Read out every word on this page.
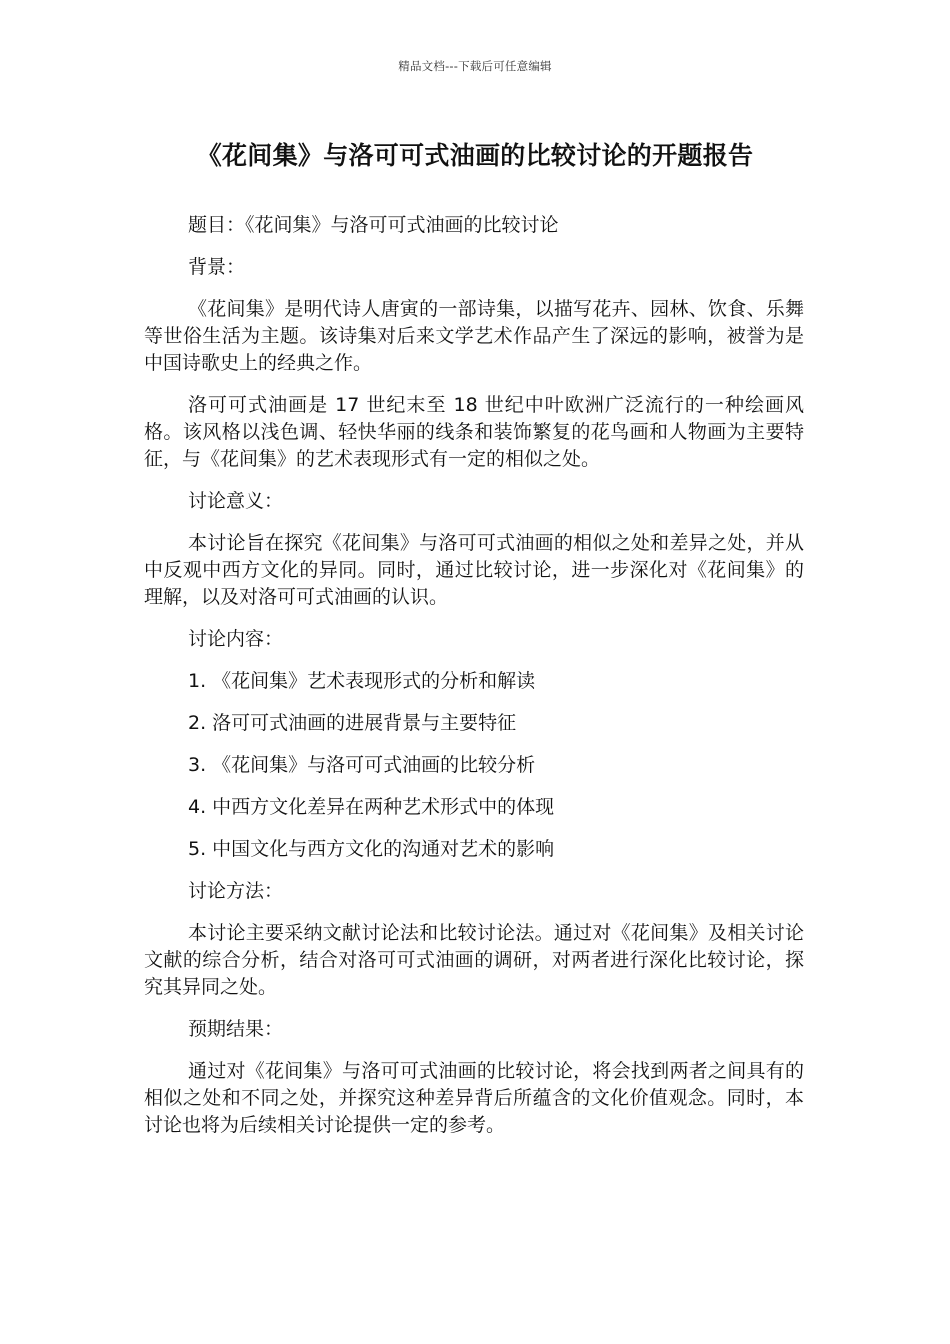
精品文档---下载后可任意编辑
《花间集》与洛可可式油画的比较讨论的开题报告

题目：《花间集》与洛可可式油画的比较讨论

背景：

《花间集》是明代诗人唐寅的一部诗集，以描写花卉、园林、饮食、乐舞等世俗生活为主题。该诗集对后来文学艺术作品产生了深远的影响，被誉为是中国诗歌史上的经典之作。

洛可可式油画是 17 世纪末至 18 世纪中叶欧洲广泛流行的一种绘画风格。该风格以浅色调、轻快华丽的线条和装饰繁复的花鸟画和人物画为主要特征，与《花间集》的艺术表现形式有一定的相似之处。

讨论意义：

本讨论旨在探究《花间集》与洛可可式油画的相似之处和差异之处，并从中反观中西方文化的异同。同时，通过比较讨论，进一步深化对《花间集》的理解，以及对洛可可式油画的认识。

讨论内容：

1. 《花间集》艺术表现形式的分析和解读

2. 洛可可式油画的进展背景与主要特征

3. 《花间集》与洛可可式油画的比较分析

4. 中西方文化差异在两种艺术形式中的体现

5. 中国文化与西方文化的沟通对艺术的影响

讨论方法：

本讨论主要采纳文献讨论法和比较讨论法。通过对《花间集》及相关讨论文献的综合分析，结合对洛可可式油画的调研，对两者进行深化比较讨论，探究其异同之处。

预期结果：

通过对《花间集》与洛可可式油画的比较讨论，将会找到两者之间具有的相似之处和不同之处，并探究这种差异背后所蕴含的文化价值观念。同时，本讨论也将为后续相关讨论提供一定的参考。
